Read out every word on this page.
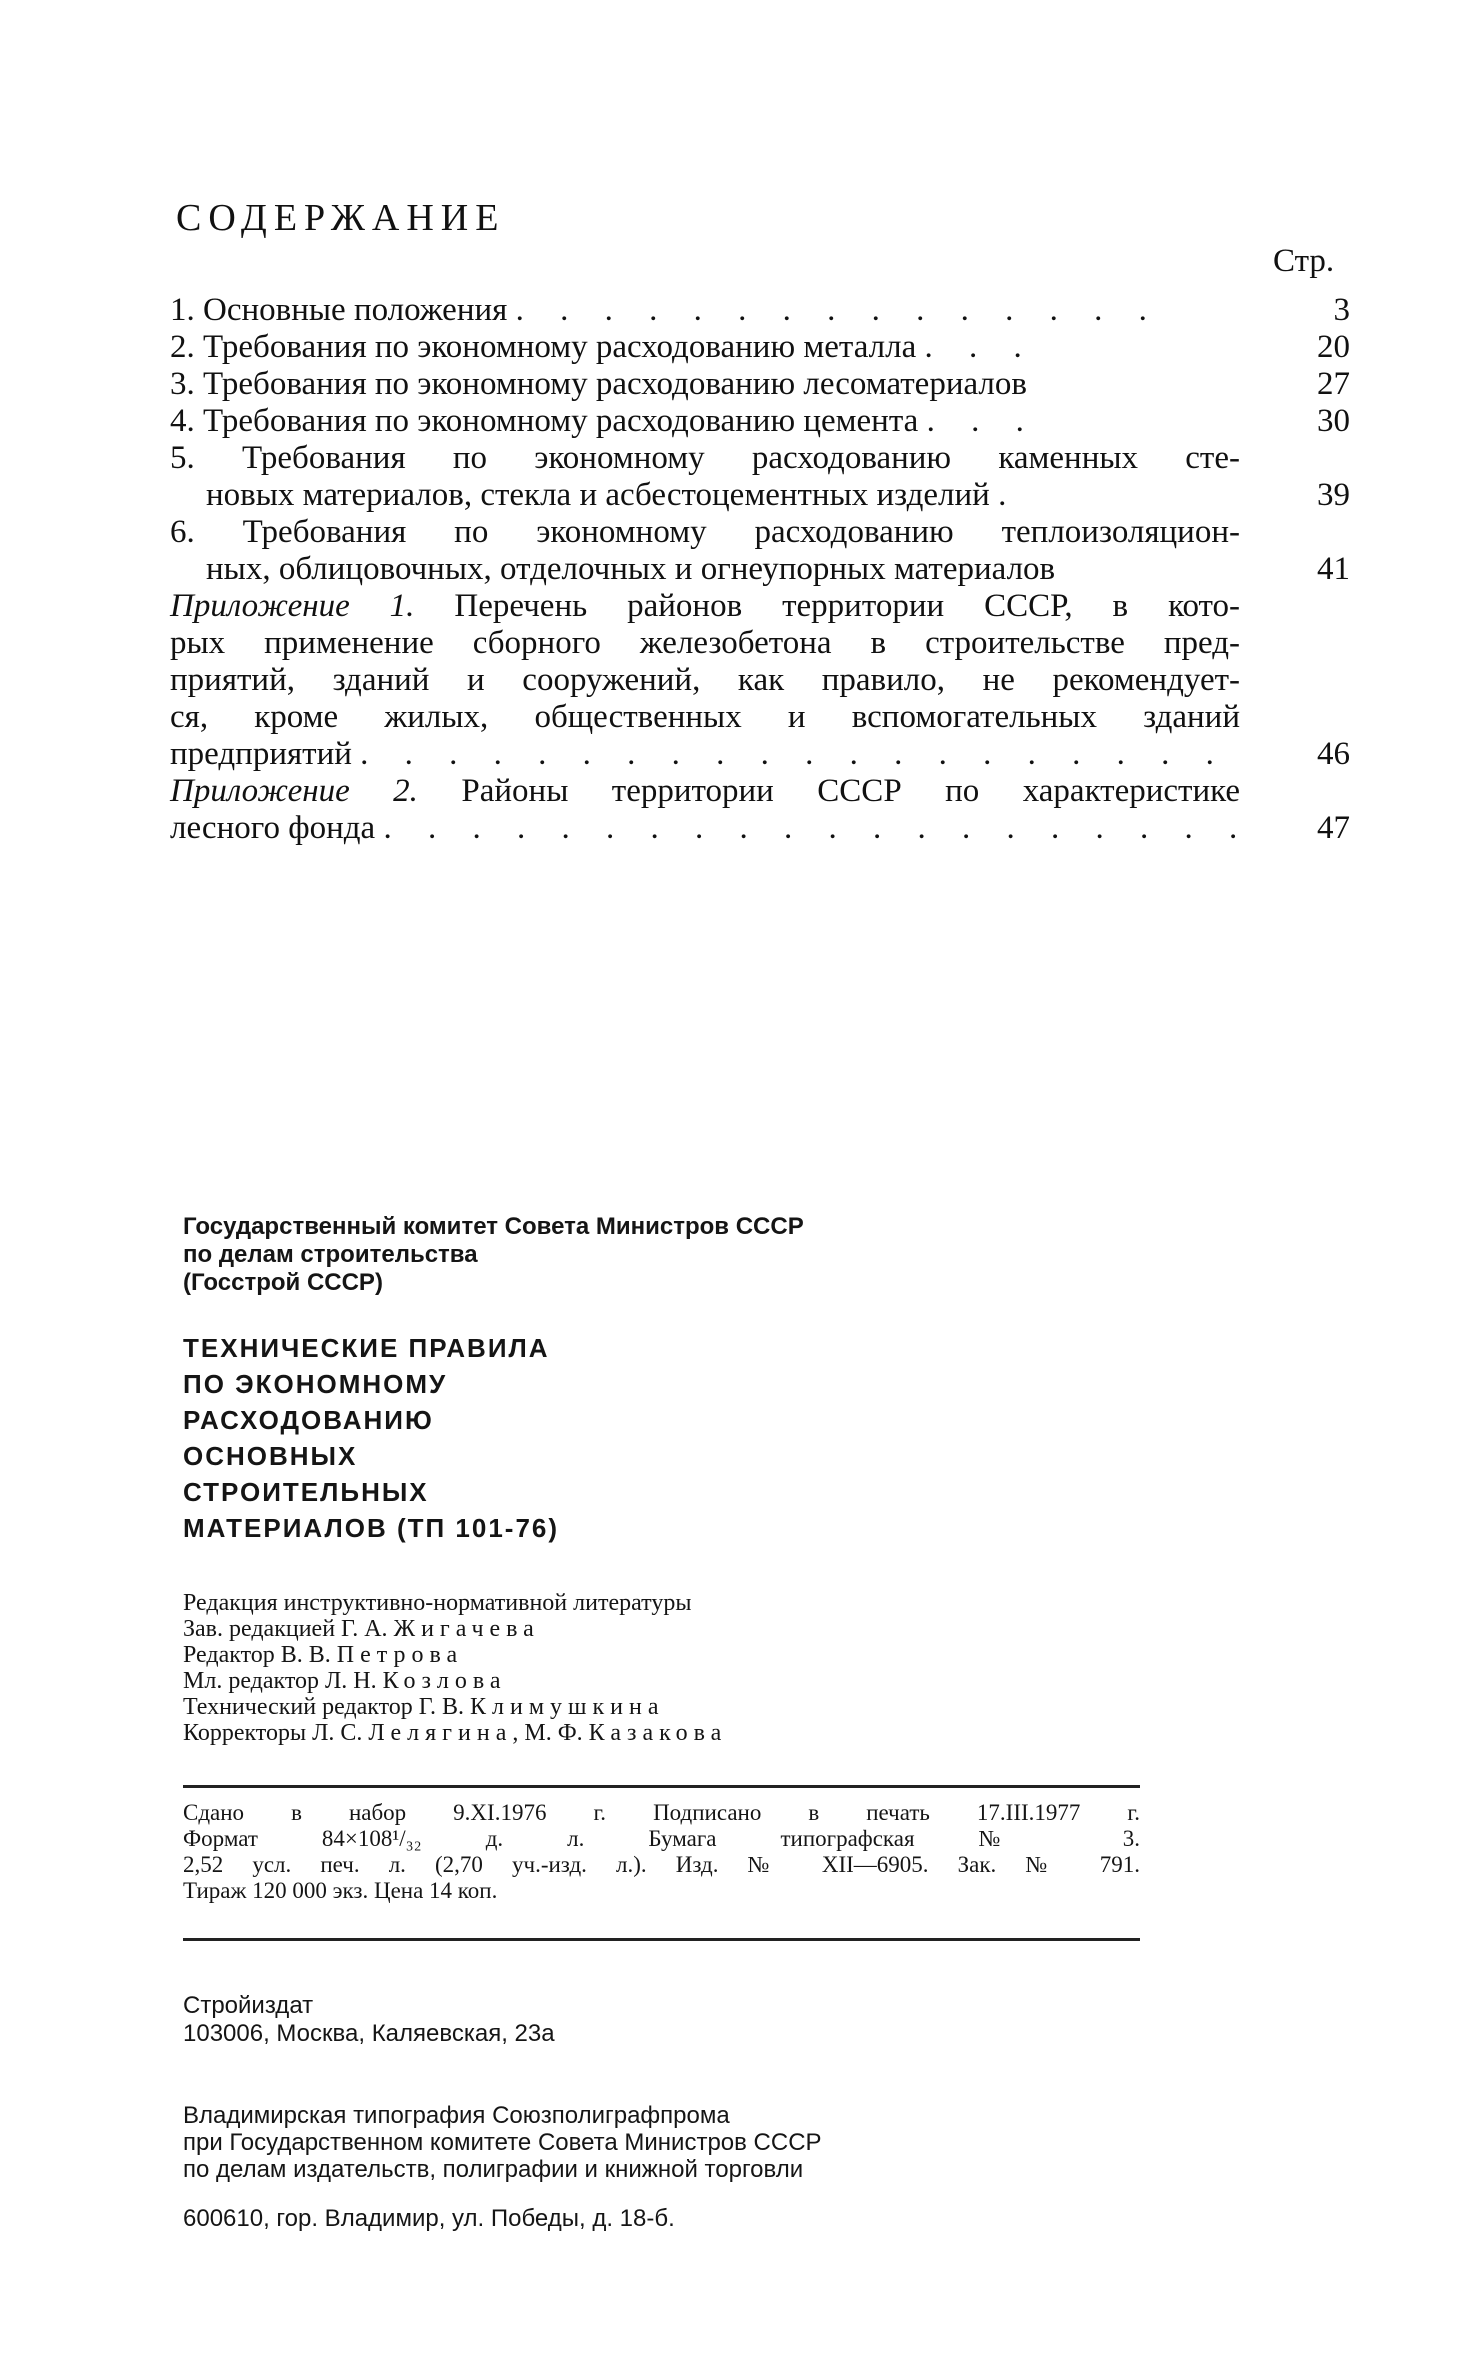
СОДЕРЖАНИЕ
Стр.
1. Основные положения . . . . . . . . . . . . . . .	3
2. Требования по экономному расходованию металла . . .	20
3. Требования по экономному расходованию лесоматериалов	27
4. Требования по экономному расходованию цемента . . .	30
5. Требования по экономному расходованию каменных сте-
новых материалов, стекла и асбестоцементных изделий .	39
6. Требования по экономному расходованию теплоизоляцион-
ных, облицовочных, отделочных и огнеупорных материалов	41
Приложение 1. Перечень районов территории СССР, в кото-
рых применение сборного железобетона в строительстве пред-
приятий, зданий и сооружений, как правило, не рекомендует-
ся, кроме жилых, общественных и вспомогательных зданий
предприятий . . . . . . . . . . . . . . . . . . . .	46
Приложение 2. Районы территории СССР по характеристике
лесного фонда . . . . . . . . . . . . . . . . . . . .	47
Государственный комитет Совета Министров СССР
по делам строительства
(Госстрой СССР)
ТЕХНИЧЕСКИЕ ПРАВИЛА
ПО ЭКОНОМНОМУ
РАСХОДОВАНИЮ
ОСНОВНЫХ
СТРОИТЕЛЬНЫХ
МАТЕРИАЛОВ (ТП 101-76)
Редакция инструктивно-нормативной литературы
Зав. редакцией Г. А. Жигачева
Редактор В. В. Петрова
Мл. редактор Л. Н. Козлова
Технический редактор Г. В. Климушкина
Корректоры Л. С. Лелягина, М. Ф. Казакова
Сдано в набор 9.XI.1976 г. Подписано в печать 17.III.1977 г.
Формат 84×108¹/₃₂ д. л. Бумага типографская № 3.
2,52 усл. печ. л. (2,70 уч.-изд. л.). Изд. № XII—6905. Зак. № 791.
Тираж 120 000 экз. Цена 14 коп.
Стройиздат
103006, Москва, Каляевская, 23а
Владимирская типография Союзполиграфпрома
при Государственном комитете Совета Министров СССР
по делам издательств, полиграфии и книжной торговли
600610, гор. Владимир, ул. Победы, д. 18-б.
